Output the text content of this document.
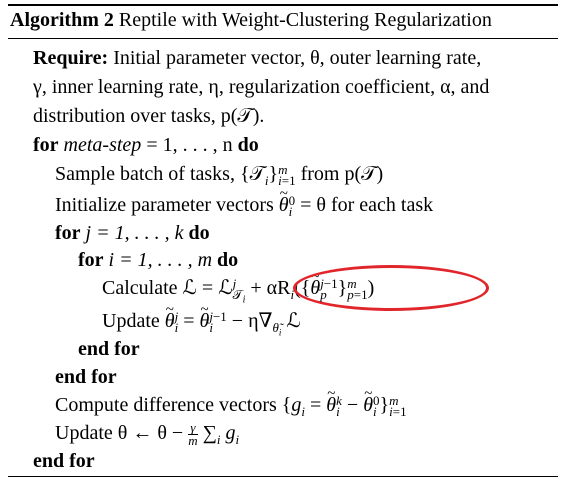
Algorithm 2 Reptile with Weight-Clustering Regularization
Require: Initial parameter vector, θ, outer learning rate,
γ, inner learning rate, η, regularization coefficient, α, and
distribution over tasks, p(𝒯).
for meta-step = 1, . . . , n do
Sample batch of tasks, {𝒯$_i$} m
i=1 from p(𝒯)
Initialize parameter vectors ~ θ 0
i = θ for each task
for j = 1, . . . , k do
for i = 1, . . . , m do
Calculate ℒ = ℒ j
𝒯$_i$
+ $\alpha R_i(\{\sim$ θ j−1
p } m
p=1 )
Update ~ θ j
i = ~ θ j−1
$i - \eta\nabla_{\thetã_i}$ ℒ
end for
end for
Compute difference vectors {$g_i$ = ~ θ k
i − ~ θ 0
i } m
i=1
Update θ ← $\theta - \frac{\gamma}{m} \sum_i$ $g_i$
end for
